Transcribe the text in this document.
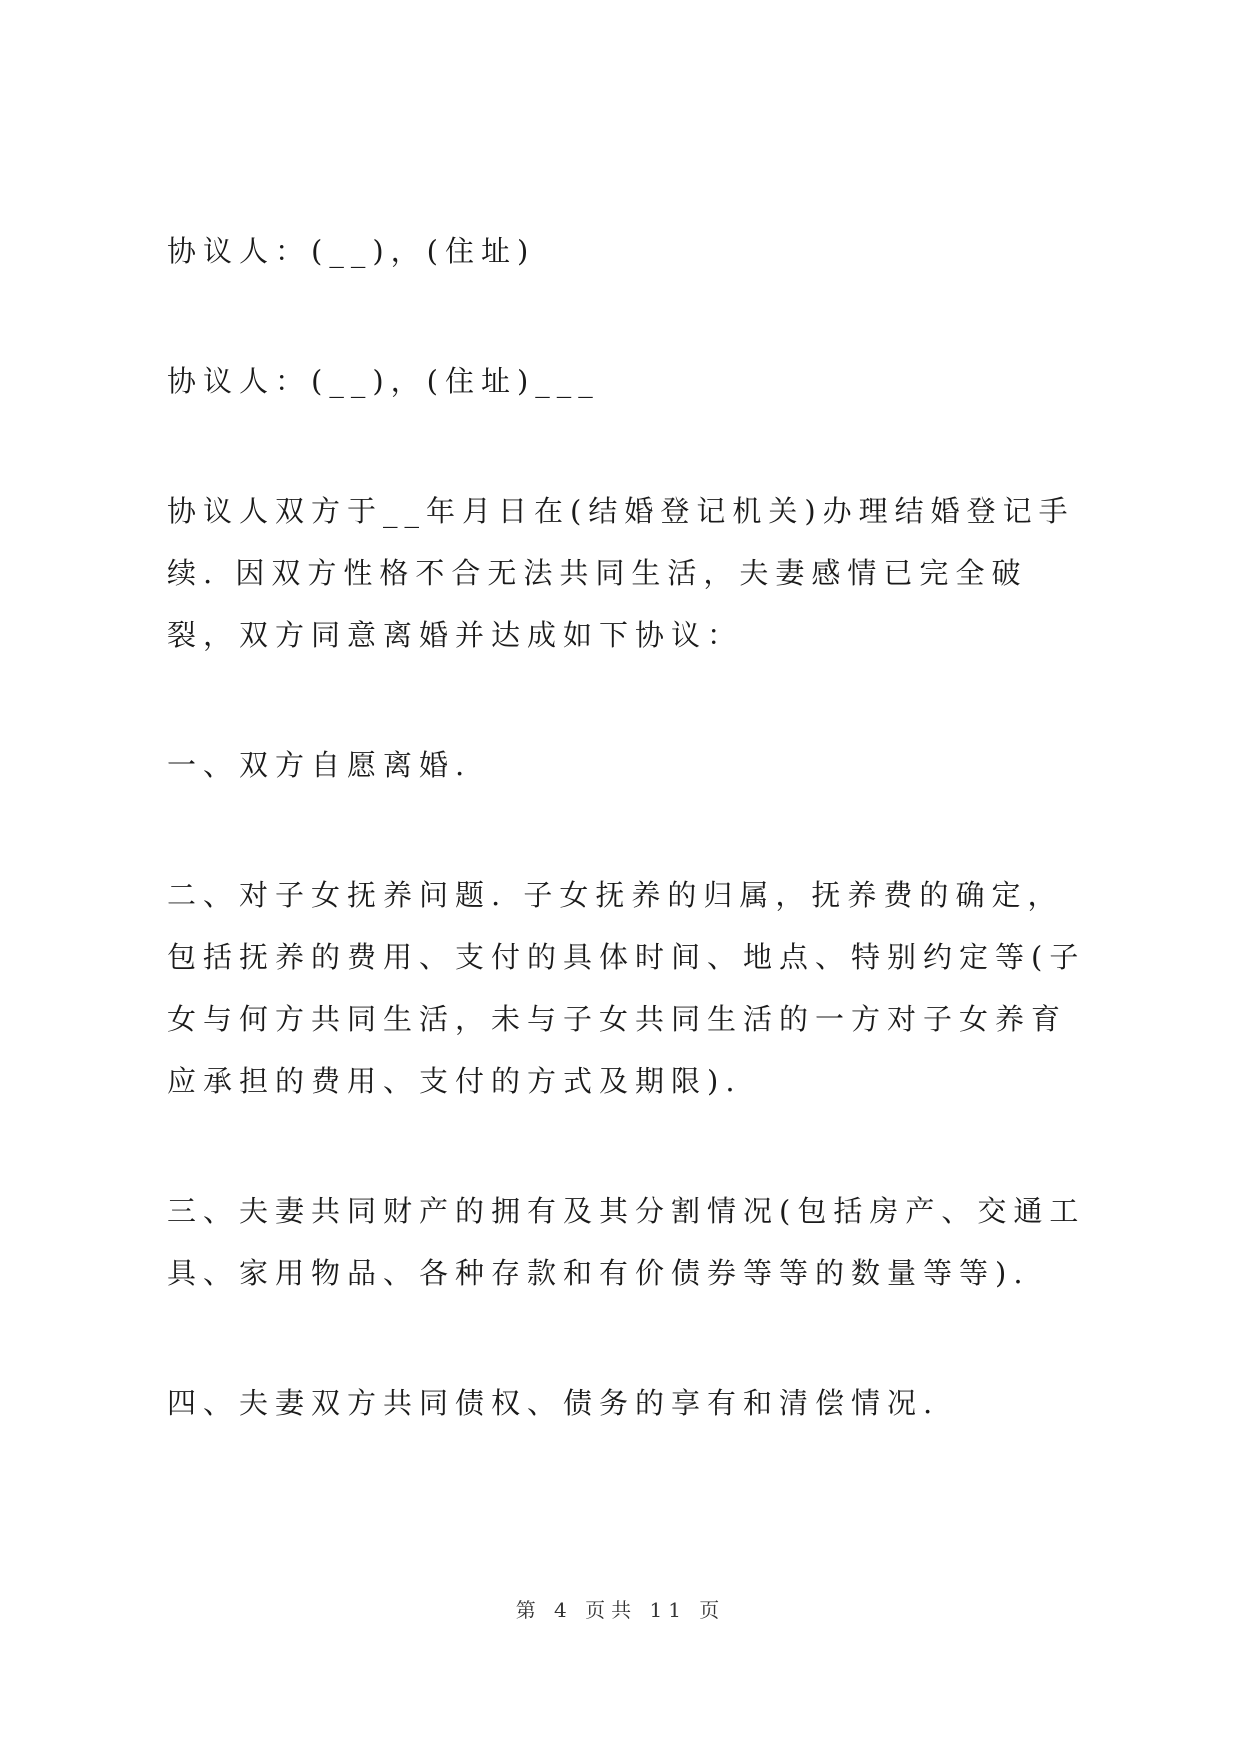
协议人：(__)，(住址)

协议人：(__)，(住址)___

协议人双方于__年月日在(结婚登记机关)办理结婚登记手续. 因双方性格不合无法共同生活，夫妻感情已完全破裂，双方同意离婚并达成如下协议：

一、双方自愿离婚.

二、对子女抚养问题. 子女抚养的归属，抚养费的确定，包括抚养的费用、支付的具体时间、地点、特别约定等(子女与何方共同生活，未与子女共同生活的一方对子女养育应承担的费用、支付的方式及期限).

三、夫妻共同财产的拥有及其分割情况(包括房产、交通工具、家用物品、各种存款和有价债券等等的数量等等).

四、夫妻双方共同债权、债务的享有和清偿情况.

第 4 页共 11 页
